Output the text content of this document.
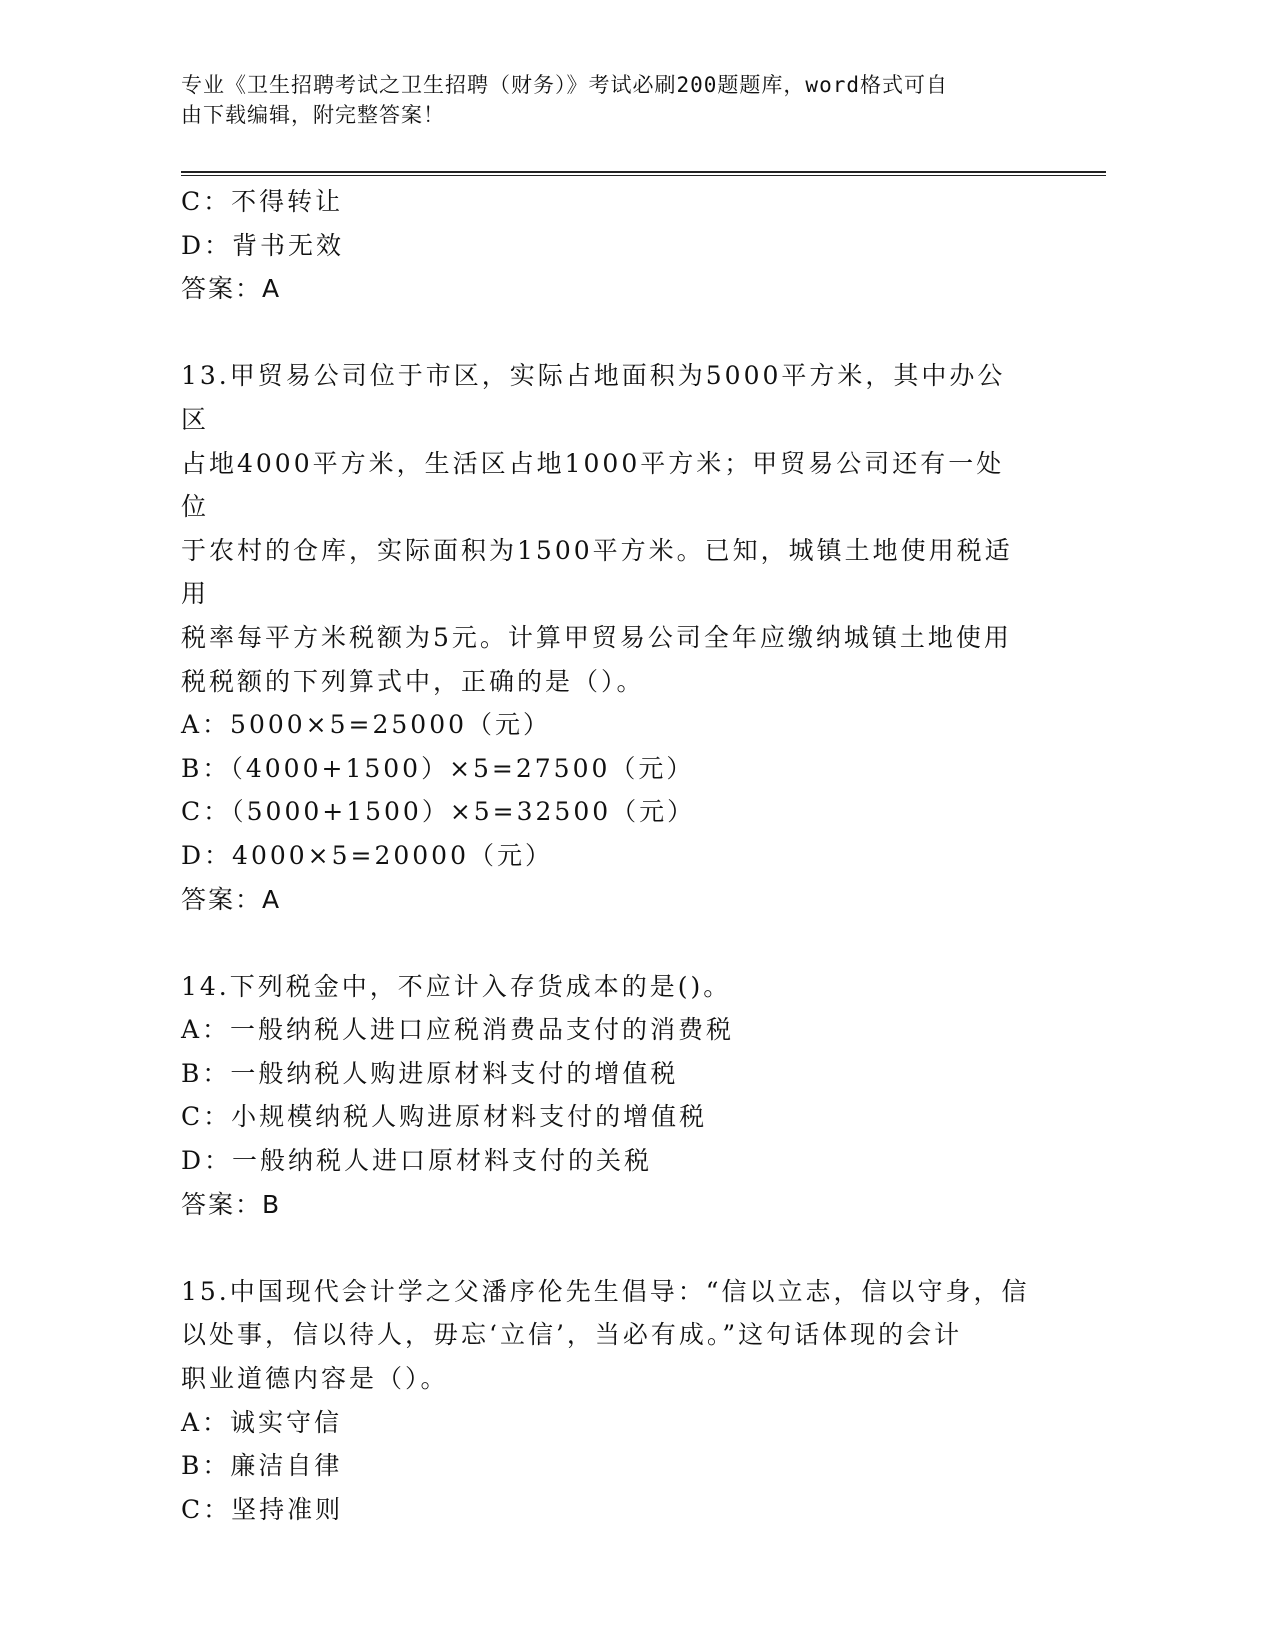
专业《卫生招聘考试之卫生招聘（财务）》考试必刷200题题库，word格式可自
由下载编辑，附完整答案！

C：不得转让

D：背书无效

答案：A

13.甲贸易公司位于市区，实际占地面积为5000平方米，其中办公区

占地4000平方米，生活区占地1000平方米；甲贸易公司还有一处位

于农村的仓库，实际面积为1500平方米。已知，城镇土地使用税适用

税率每平方米税额为5元。计算甲贸易公司全年应缴纳城镇土地使用

税税额的下列算式中，正确的是（）。

A：5000×5=25000（元）

B：（4000+1500）×5=27500（元）

C：（5000+1500）×5=32500（元）

D：4000×5=20000（元）

答案：A

14.下列税金中，不应计入存货成本的是()。

A：一般纳税人进口应税消费品支付的消费税

B：一般纳税人购进原材料支付的增值税

C：小规模纳税人购进原材料支付的增值税

D：一般纳税人进口原材料支付的关税

答案：B

15.中国现代会计学之父潘序伦先生倡导：“信以立志，信以守身，信

以处事，信以待人，毋忘‘立信’，当必有成。”这句话体现的会计

职业道德内容是（）。

A：诚实守信

B：廉洁自律

C：坚持准则
